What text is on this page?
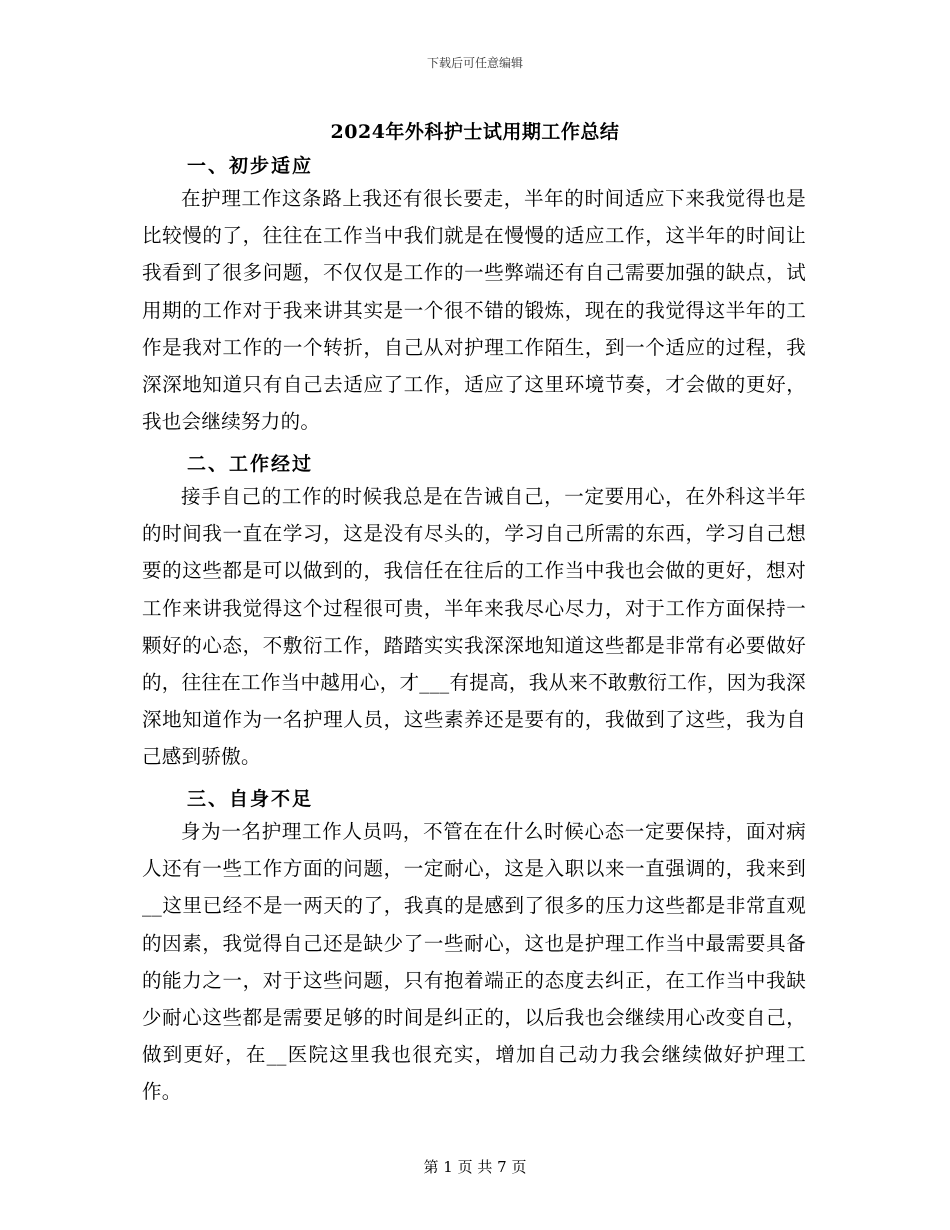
下载后可任意编辑
2024年外科护士试用期工作总结
一、初步适应

在护理工作这条路上我还有很长要走，半年的时间适应下来我觉得也是比较慢的了，往往在工作当中我们就是在慢慢的适应工作，这半年的时间让我看到了很多问题，不仅仅是工作的一些弊端还有自己需要加强的缺点，试用期的工作对于我来讲其实是一个很不错的锻炼，现在的我觉得这半年的工作是我对工作的一个转折，自己从对护理工作陌生，到一个适应的过程，我深深地知道只有自己去适应了工作，适应了这里环境节奏，才会做的更好，我也会继续努力的。

二、工作经过

接手自己的工作的时候我总是在告诫自己，一定要用心，在外科这半年的时间我一直在学习，这是没有尽头的，学习自己所需的东西，学习自己想要的这些都是可以做到的，我信任在往后的工作当中我也会做的更好，想对工作来讲我觉得这个过程很可贵，半年来我尽心尽力，对于工作方面保持一颗好的心态，不敷衍工作，踏踏实实我深深地知道这些都是非常有必要做好的，往往在工作当中越用心，才___有提高，我从来不敢敷衍工作，因为我深深地知道作为一名护理人员，这些素养还是要有的，我做到了这些，我为自己感到骄傲。

三、自身不足

身为一名护理工作人员吗，不管在在什么时候心态一定要保持，面对病人还有一些工作方面的问题，一定耐心，这是入职以来一直强调的，我来到__这里已经不是一两天的了，我真的是感到了很多的压力这些都是非常直观的因素，我觉得自己还是缺少了一些耐心，这也是护理工作当中最需要具备的能力之一，对于这些问题，只有抱着端正的态度去纠正，在工作当中我缺少耐心这些都是需要足够的时间是纠正的，以后我也会继续用心改变自己，做到更好，在__医院这里我也很充实，增加自己动力我会继续做好护理工作。

第 1 页 共 7 页
